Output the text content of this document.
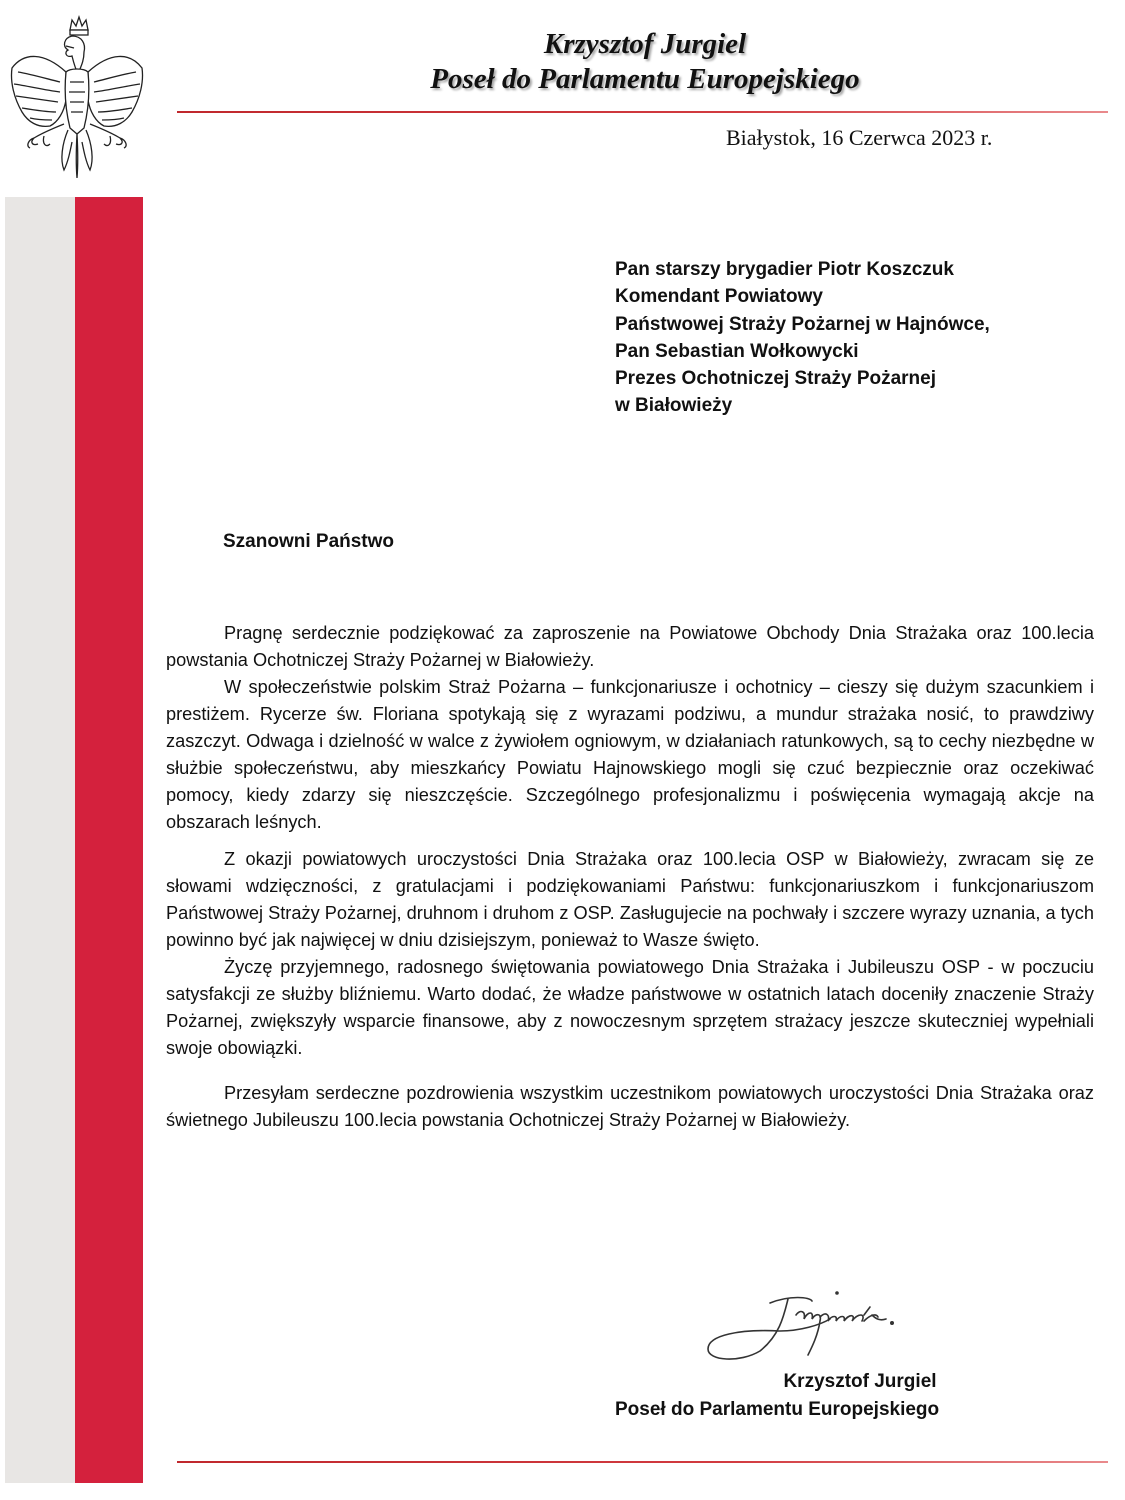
Krzysztof Jurgiel
Poseł do Parlamentu Europejskiego
Białystok, 16 Czerwca 2023 r.
Pan starszy brygadier Piotr Koszczuk
Komendant Powiatowy
Państwowej Straży Pożarnej w Hajnówce,
Pan Sebastian Wołkowycki
Prezes Ochotniczej Straży Pożarnej
w Białowieży
Szanowni Państwo

Pragnę serdecznie podziękować za zaproszenie na Powiatowe Obchody Dnia Strażaka oraz 100.lecia powstania Ochotniczej Straży Pożarnej w Białowieży.

W społeczeństwie polskim Straż Pożarna – funkcjonariusze i ochotnicy – cieszy się dużym szacunkiem i prestiżem. Rycerze św. Floriana spotykają się z wyrazami podziwu, a mundur strażaka nosić, to prawdziwy zaszczyt. Odwaga i dzielność w walce z żywiołem ogniowym, w działaniach ratunkowych, są to cechy niezbędne w służbie społeczeństwu, aby mieszkańcy Powiatu Hajnowskiego mogli się czuć bezpiecznie oraz oczekiwać pomocy, kiedy zdarzy się nieszczęście. Szczególnego profesjonalizmu i poświęcenia wymagają akcje na obszarach leśnych.

Z okazji powiatowych uroczystości Dnia Strażaka oraz 100.lecia OSP w Białowieży, zwracam się ze słowami wdzięczności, z gratulacjami i podziękowaniami Państwu: funkcjonariuszkom i funkcjonariuszom Państwowej Straży Pożarnej, druhnom i druhom z OSP. Zasługujecie na pochwały i szczere wyrazy uznania, a tych powinno być jak najwięcej w dniu dzisiejszym, ponieważ to Wasze święto.

Życzę przyjemnego, radosnego świętowania powiatowego Dnia Strażaka i Jubileuszu OSP - w poczuciu satysfakcji ze służby bliźniemu. Warto dodać, że władze państwowe w ostatnich latach doceniły znaczenie Straży Pożarnej, zwiększyły wsparcie finansowe, aby z nowoczesnym sprzętem strażacy jeszcze skuteczniej wypełniali swoje obowiązki.

Przesyłam serdeczne pozdrowienia wszystkim uczestnikom powiatowych uroczystości Dnia Strażaka oraz świetnego Jubileuszu 100.lecia powstania Ochotniczej Straży Pożarnej w Białowieży.

Krzysztof Jurgiel
Poseł do Parlamentu Europejskiego
